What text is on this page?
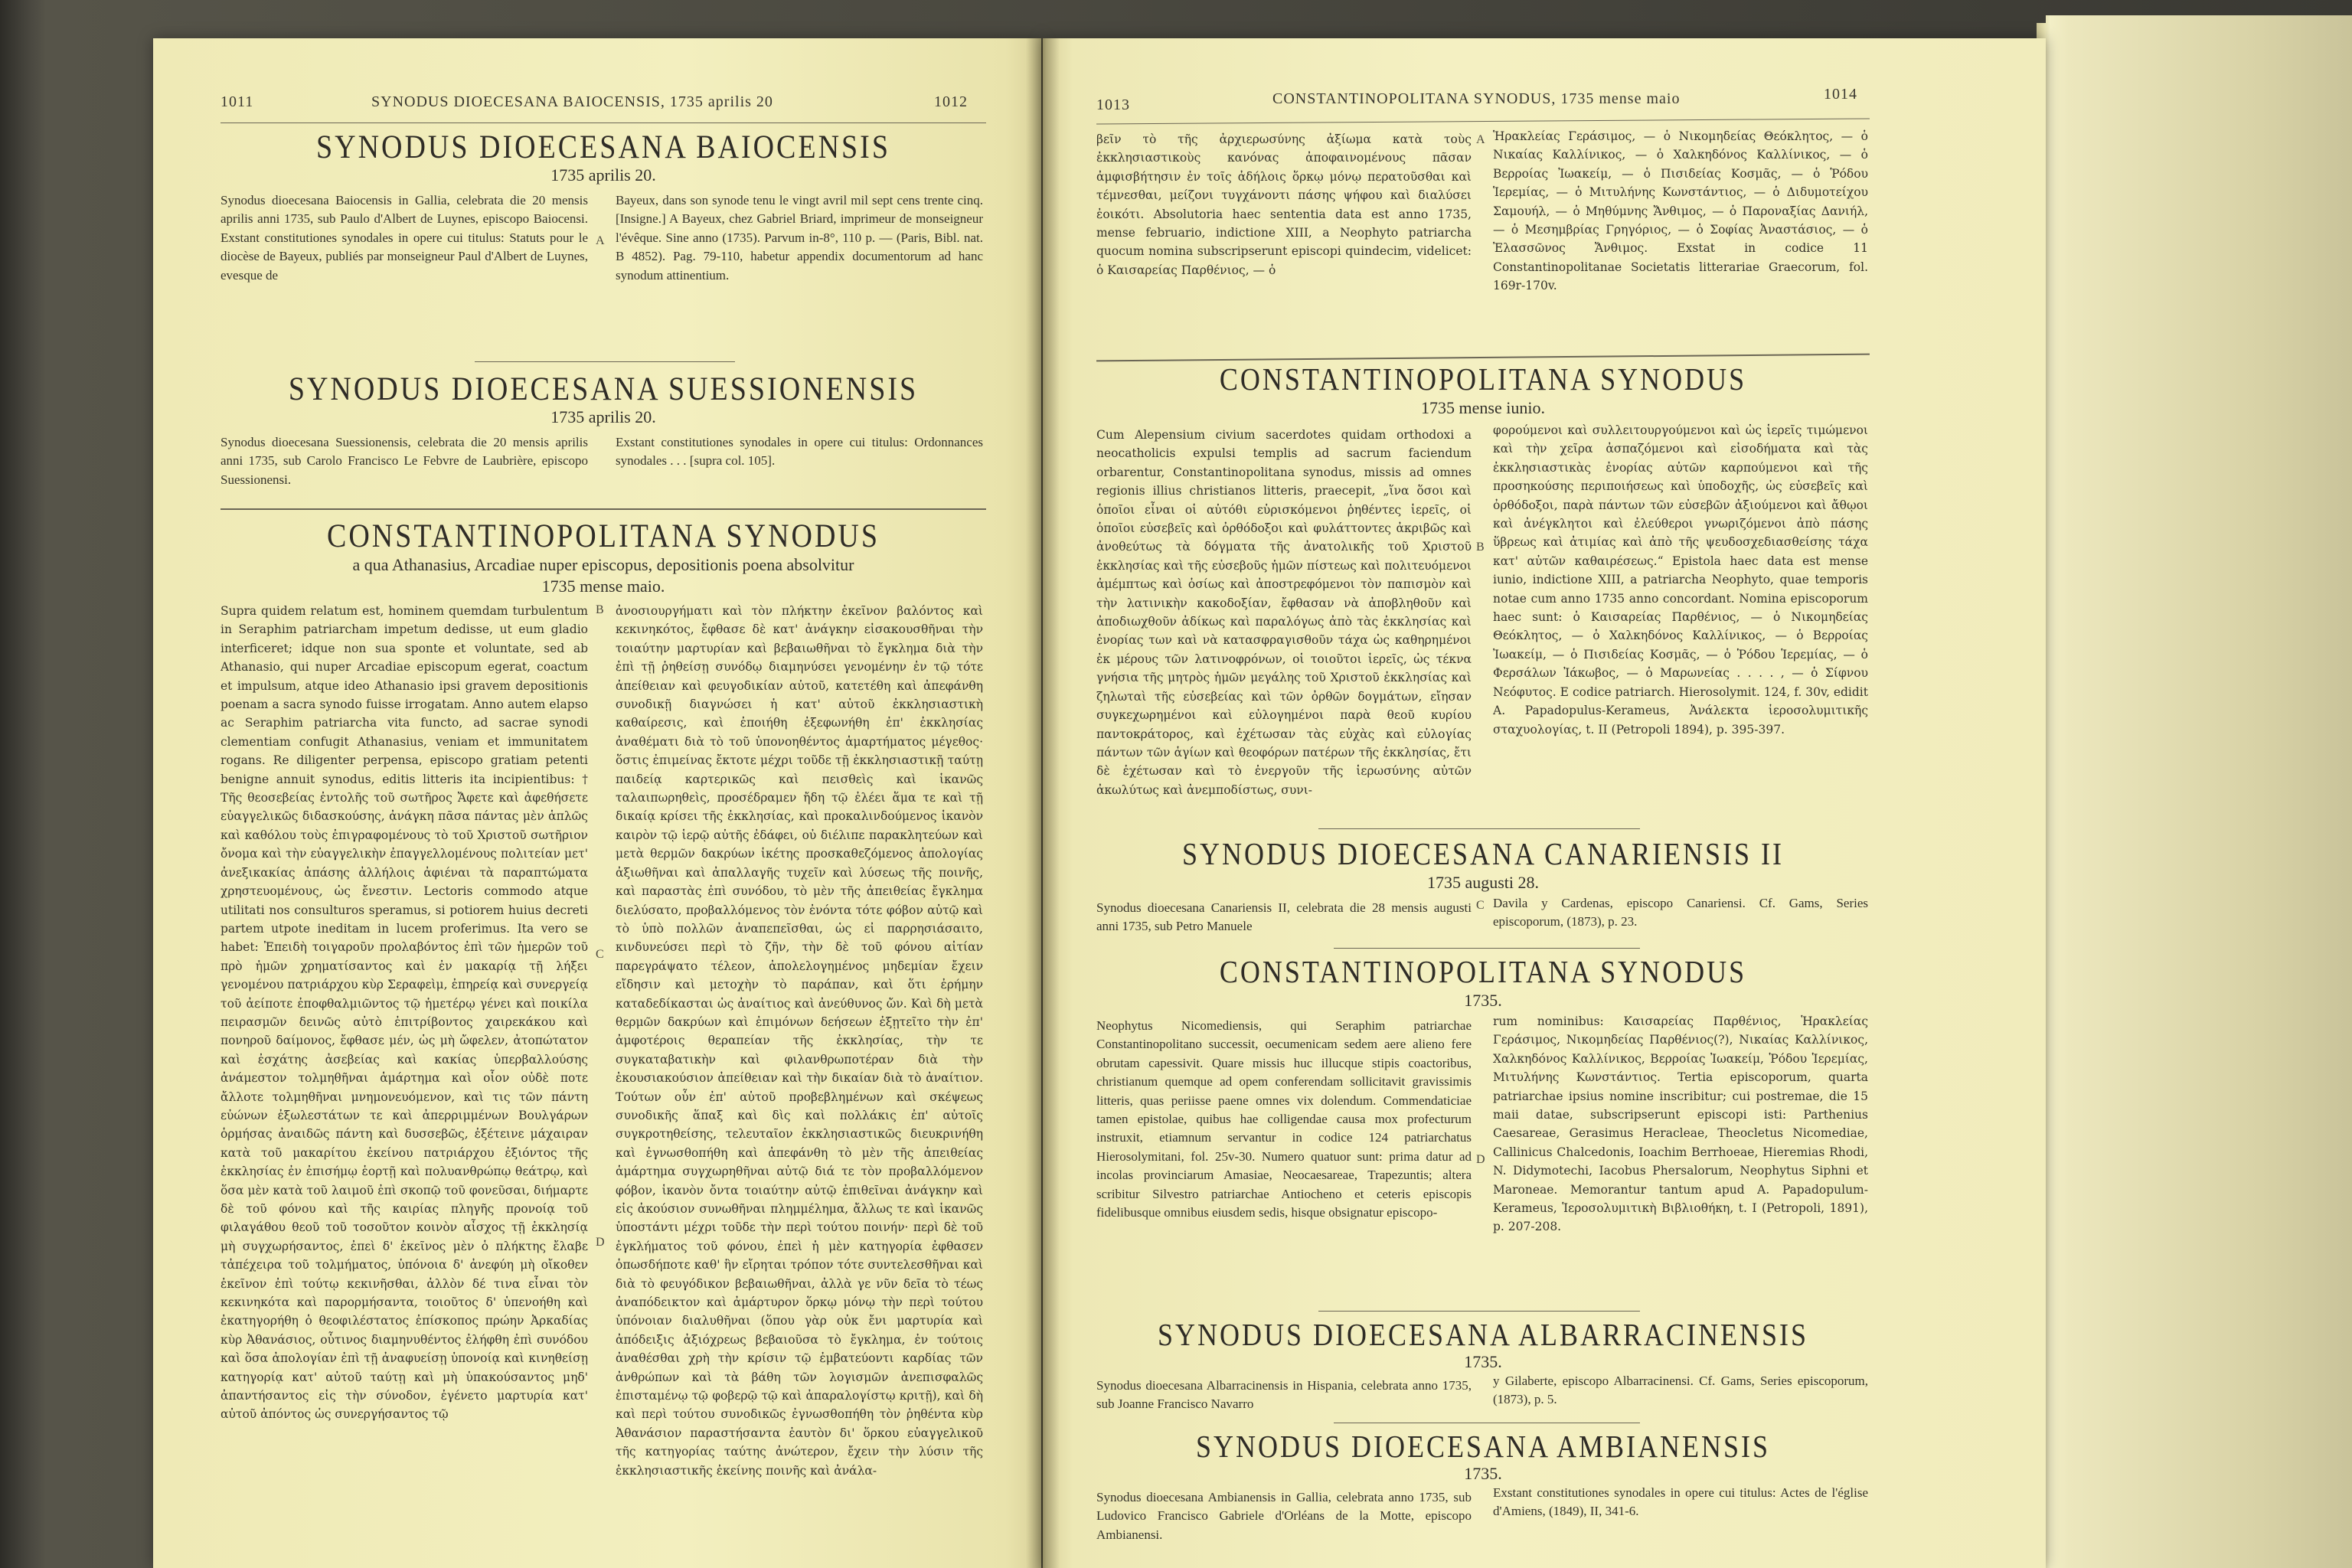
1011	SYNODUS DIOECESANA BAIOCENSIS, 1735 aprilis 20	1012
SYNODUS DIOECESANA BAIOCENSIS
1735 aprilis 20.
Synodus dioecesana Baiocensis in Gallia, celebrata die 20 mensis aprilis anni 1735, sub Paulo d'Albert de Luynes, episcopo Baiocensi. Exstant constitutiones synodales in opere cui titulus: Statuts pour le diocèse de Bayeux, publiés par monseigneur Paul d'Albert de Luynes, evesque de
Bayeux, dans son synode tenu le vingt avril mil sept cens trente cinq. [Insigne.] A Bayeux, chez Gabriel Briard, imprimeur de monseigneur l'évêque. Sine anno (1735). Parvum in-8°, 110 p. — (Paris, Bibl. nat. B 4852). Pag. 79-110, habetur appendix documentorum ad hanc synodum attinentium.
SYNODUS DIOECESANA SUESSIONENSIS
1735 aprilis 20.
Synodus dioecesana Suessionensis, celebrata die 20 mensis aprilis anni 1735, sub Carolo Francisco Le Febvre de Laubrière, episcopo Suessionensi.
Exstant constitutiones synodales in opere cui titulus: Ordonnances synodales . . . [supra col. 105].
CONSTANTINOPOLITANA SYNODUS
a qua Athanasius, Arcadiae nuper episcopus, depositionis poena absolvitur
1735 mense maio.
Supra quidem relatum est, hominem quemdam turbulentum in Seraphim patriarcham impetum dedisse, ut eum gladio interficeret; idque non sua sponte et voluntate, sed ab Athanasio, qui nuper Arcadiae episcopum egerat, coactum et impulsum, atque ideo Athanasio ipsi gravem depositionis poenam a sacra synodo fuisse irrogatam. Anno autem elapso ac Seraphim patriarcha vita functo, ad sacrae synodi clementiam confugit Athanasius, veniam et immunitatem rogans. Re diligenter perpensa, episcopo gratiam petenti benigne annuit synodus, editis litteris ita incipientibus: † Τῆς θεοσεβείας ἐντολῆς τοῦ σωτῆρος Ἄφετε καὶ ἀφεθήσετε εὐαγγελικῶς διδασκούσης, ἀνάγκη πᾶσα πάντας μὲν ἁπλῶς καὶ καθόλου τοὺς ἐπιγραφομένους τὸ τοῦ Χριστοῦ σωτῆριον ὄνομα καὶ τὴν εὐαγγελικὴν ἐπαγγελλομένους πολιτείαν μετ' ἀνεξικακίας ἀπάσης ἀλλήλοις ἀφιέναι τὰ παραπτώματα χρηστευομένους, ὡς ἔνεστιν. Lectoris commodo atque utilitati nos consulturos speramus, si potiorem huius decreti partem utpote ineditam in lucem proferimus. Ita vero se habet: Ἐπειδὴ τοιγαροῦν προλαβόντος ἐπὶ τῶν ἡμερῶν τοῦ πρὸ ἡμῶν χρηματίσαντος καὶ ἐν μακαρίᾳ τῇ λήξει γενομένου πατριάρχου κὺρ Σεραφεὶμ, ἐπηρείᾳ καὶ συνεργείᾳ τοῦ ἀείποτε ἐποφθαλμιῶντος τῷ ἡμετέρῳ γένει καὶ ποικίλα πειρασμῶν δεινῶς αὐτὸ ἐπιτρίβοντος χαιρεκάκου καὶ πονηροῦ δαίμονος, ἔφθασε μέν, ὡς μὴ ὤφελεν, ἀτοπώτατον καὶ ἐσχάτης ἀσεβείας καὶ κακίας ὑπερβαλλούσης ἀνάμεστον τολμηθῆναι ἁμάρτημα καὶ οἷον οὐδὲ ποτε ἄλλοτε τολμηθῆναι μνημονευόμενον, καὶ τις τῶν πάντη εὐώνων ἐξωλεστάτων τε καὶ ἀπερριμμένων Βουλγάρων ὁρμήσας ἀναιδῶς πάντη καὶ δυσσεβῶς, ἐξέτεινε μάχαιραν κατὰ τοῦ μακαρίτου ἐκείνου πατριάρχου ἐξιόντος τῆς ἐκκλησίας ἐν ἐπισήμῳ ἑορτῇ καὶ πολυανθρώπῳ θεάτρῳ, καὶ ὅσα μὲν κατὰ τοῦ λαιμοῦ ἐπὶ σκοπῷ τοῦ φονεῦσαι, διήμαρτε δὲ τοῦ φόνου καὶ τῆς καιρίας πληγῆς προνοίᾳ τοῦ φιλαγάθου θεοῦ τοῦ τοσοῦτον κοινὸν αἶσχος τῇ ἐκκλησίᾳ μὴ συγχωρήσαντος, ἐπεὶ δ' ἐκεῖνος μὲν ὁ πλήκτης ἔλαβε τἀπέχειρα τοῦ τολμήματος, ὑπόνοια δ' ἀνεφύη μὴ οἴκοθεν ἐκεῖνον ἐπὶ τούτῳ κεκινῆσθαι, ἀλλὸν δέ τινα εἶναι τὸν κεκινηκότα καὶ παρορμήσαντα, τοιοῦτος δ' ὑπενοήθη καὶ ἐκατηγορήθη ὁ θεοφιλέστατος ἐπίσκοπος πρώην Ἀρκαδίας κὺρ Ἀθανάσιος, οὗτινος διαμηνυθέντος ἐλήφθη ἐπὶ συνόδου καὶ ὅσα ἀπολογίαν ἐπὶ τῇ ἀναφυείσῃ ὑπονοίᾳ καὶ κινηθείσῃ κατηγορίᾳ κατ' αὐτοῦ ταύτῃ καὶ μὴ ὑπακούσαντος μηδ' ἀπαντήσαντος εἰς τὴν σύνοδον, ἐγένετο μαρτυρία κατ' αὐτοῦ ἀπόντος ὡς συνεργήσαντος τῷ
ἀνοσιουργήματι καὶ τὸν πλήκτην ἐκεῖνον βαλόντος καὶ κεκινηκότος, ἔφθασε δὲ κατ' ἀνάγκην εἰσακουσθῆναι τὴν τοιαύτην μαρτυρίαν καὶ βεβαιωθῆναι τὸ ἔγκλημα διὰ τὴν ἐπὶ τῇ ῥηθείσῃ συνόδῳ διαμηνύσει γενομένην ἐν τῷ τότε ἀπείθειαν καὶ φευγοδικίαν αὐτοῦ, κατετέθη καὶ ἀπεφάνθη συνοδικῇ διαγνώσει ἡ κατ' αὐτοῦ ἐκκλησιαστικὴ καθαίρεσις, καὶ ἐποιήθη ἐξεφωνήθη ἐπ' ἐκκλησίας ἀναθέματι διὰ τὸ τοῦ ὑπονοηθέντος ἁμαρτήματος μέγεθος· ὅστις ἐπιμείνας ἔκτοτε μέχρι τοῦδε τῇ ἐκκλησιαστικῇ ταύτῃ παιδείᾳ καρτερικῶς καὶ πεισθεὶς καὶ ἱκανῶς ταλαιπωρηθεὶς, προσέδραμεν ἤδη τῷ ἐλέει ἅμα τε καὶ τῇ δικαίᾳ κρίσει τῆς ἐκκλησίας, καὶ προκαλινδούμενος ἱκανὸν καιρὸν τῷ ἱερῷ αὐτῆς ἐδάφει, οὐ διέλιπε παρακλητεύων καὶ μετὰ θερμῶν δακρύων ἱκέτης προσκαθεζόμενος ἀπολογίας ἀξιωθῆναι καὶ ἀπαλλαγῆς τυχεῖν καὶ λύσεως τῆς ποινῆς, καὶ παραστὰς ἐπὶ συνόδου, τὸ μὲν τῆς ἀπειθείας ἔγκλημα διελύσατο, προβαλλόμενος τὸν ἐνόντα τότε φόβον αὐτῷ καὶ τὸ ὑπὸ πολλῶν ἀναπεπεῖσθαι, ὡς εἰ παρρησιάσαιτο, κινδυνεύσει περὶ τὸ ζῆν, τὴν δὲ τοῦ φόνου αἰτίαν παρεγράψατο τέλεον, ἀπολελογημένος μηδεμίαν ἔχειν εἴδησιν καὶ μετοχὴν τὸ παράπαν, καὶ ὅτι ἐρήμην καταδεδίκασται ὡς ἀναίτιος καὶ ἀνεύθυνος ὤν. Καὶ δὴ μετὰ θερμῶν δακρύων καὶ ἐπιμόνων δεήσεων ἐξῃτεῖτο τὴν ἐπ' ἀμφοτέροις θεραπείαν τῆς ἐκκλησίας, τὴν τε συγκαταβατικὴν καὶ φιλανθρωποτέραν διὰ τὴν ἑκουσιακούσιον ἀπείθειαν καὶ τὴν δικαίαν διὰ τὸ ἀναίτιον. Τούτων οὖν ἐπ' αὐτοῦ προβεβλημένων καὶ σκέψεως συνοδικῆς ἅπαξ καὶ δὶς καὶ πολλάκις ἐπ' αὐτοῖς συγκροτηθείσης, τελευταῖον ἐκκλησιαστικῶς διευκρινήθη καὶ ἐγνωσθοπήθη καὶ ἀπεφάνθη τὸ μὲν τῆς ἀπειθείας ἁμάρτημα συγχωρηθῆναι αὐτῷ διά τε τὸν προβαλλόμενον φόβον, ἱκανὸν ὄντα τοιαύτην αὐτῷ ἐπιθεῖναι ἀνάγκην καὶ εἰς ἀκούσιον συνωθῆναι πλημμέλημα, ἄλλως τε καὶ ἱκανῶς ὑποστάντι μέχρι τοῦδε τὴν περὶ τούτου ποινήν· περὶ δὲ τοῦ ἐγκλήματος τοῦ φόνου, ἐπεὶ ἡ μὲν κατηγορία ἐφθασεν ὁπωσδήποτε καθ' ἣν εἴρηται τρόπον τότε συντελεσθῆναι καὶ διὰ τὸ φευγόδικον βεβαιωθῆναι, ἀλλὰ γε νῦν δεῖα τὸ τέως ἀναπόδεικτον καὶ ἀμάρτυρον ὅρκῳ μόνῳ τὴν περὶ τούτου ὑπόνοιαν διαλυθῆναι (ὅπου γὰρ οὐκ ἔνι μαρτυρία καὶ ἀπόδειξις ἀξιόχρεως βεβαιοῦσα τὸ ἔγκλημα, ἐν τούτοις ἀναθέσθαι χρὴ τὴν κρίσιν τῷ ἐμβατεύοντι καρδίας τῶν ἀνθρώπων καὶ τὰ βάθη τῶν λογισμῶν ἀνεπισφαλῶς ἐπισταμένῳ τῷ φοβερῷ τῷ καὶ ἀπαραλογίστῳ κριτῇ), καὶ δὴ καὶ περὶ τούτου συνοδικῶς ἐγνωσθοπήθη τὸν ῥηθέντα κὺρ Ἀθανάσιον παραστήσαντα ἑαυτὸν δι' ὅρκου εὐαγγελικοῦ τῆς κατηγορίας ταύτης ἀνώτερον, ἔχειν τὴν λύσιν τῆς ἐκκλησιαστικῆς ἐκείνης ποινῆς καὶ ἀνάλα-
A
B
C
D
1013	CONSTANTINOPOLITANA SYNODUS, 1735 mense maio	1014
βεῖν τὸ τῆς ἀρχιερωσύνης ἀξίωμα κατὰ τοὺς ἐκκλησιαστικοὺς κανόνας ἀποφαινομένους πᾶσαν ἀμφισβήτησιν ἐν τοῖς ἀδήλοις ὅρκῳ μόνῳ περατοῦσθαι καὶ τέμνεσθαι, μείζονι τυγχάνοντι πάσης ψήφου καὶ διαλύσει ἐοικότι. Absolutoria haec sententia data est anno 1735, mense februario, indictione XIII, a Neophyto patriarcha quocum nomina subscripserunt episcopi quindecim, videlicet: ὁ Καισαρείας Παρθένιος, — ὁ
Ἡρακλείας Γεράσιμος, — ὁ Νικομηδείας Θεόκλητος, — ὁ Νικαίας Καλλίνικος, — ὁ Χαλκηδόνος Καλλίνικος, — ὁ Βερροίας Ἰωακείμ, — ὁ Πισιδείας Κοσμᾶς, — ὁ Ῥόδου Ἱερεμίας, — ὁ Μιτυλήνης Κωνστάντιος, — ὁ Διδυμοτείχου Σαμουήλ, — ὁ Μηθύμνης Ἄνθιμος, — ὁ Παροναξίας Δανιήλ, — ὁ Μεσημβρίας Γρηγόριος, — ὁ Σοφίας Ἀναστάσιος, — ὁ Ἐλασσῶνος Ἄνθιμος. Exstat in codice 11 Constantinopolitanae Societatis litterariae Graecorum, fol. 169r-170v.
CONSTANTINOPOLITANA SYNODUS
1735 mense iunio.
Cum Alepensium civium sacerdotes quidam orthodoxi a neocatholicis expulsi templis ad sacrum faciendum orbarentur, Constantinopolitana synodus, missis ad omnes regionis illius christianos litteris, praecepit, „ἵνα ὅσοι καὶ ὁποῖοι εἶναι οἱ αὐτόθι εὑρισκόμενοι ῥηθέντες ἱερεῖς, οἱ ὁποῖοι εὐσεβεῖς καὶ ὀρθόδοξοι καὶ φυλάττοντες ἀκριβῶς καὶ ἀνοθεύτως τὰ δόγματα τῆς ἀνατολικῆς τοῦ Χριστοῦ ἐκκλησίας καὶ τῆς εὐσεβοῦς ἡμῶν πίστεως καὶ πολιτευόμενοι ἀμέμπτως καὶ ὁσίως καὶ ἀποστρεφόμενοι τὸν παπισμὸν καὶ τὴν λατινικὴν κακοδοξίαν, ἔφθασαν νὰ ἀποβληθοῦν καὶ ἀποδιωχθοῦν ἀδίκως καὶ παραλόγως ἀπὸ τὰς ἐκκλησίας καὶ ἐνορίας των καὶ νὰ κατασφραγισθοῦν τάχα ὡς καθηρημένοι ἐκ μέρους τῶν λατινοφρόνων, οἱ τοιοῦτοι ἱερεῖς, ὡς τέκνα γνήσια τῆς μητρὸς ἡμῶν μεγάλης τοῦ Χριστοῦ ἐκκλησίας καὶ ζηλωταὶ τῆς εὐσεβείας καὶ τῶν ὀρθῶν δογμάτων, εἴησαν συγκεχωρημένοι καὶ εὐλογημένοι παρὰ θεοῦ κυρίου παντοκράτορος, καὶ ἐχέτωσαν τὰς εὐχὰς καὶ εὐλογίας πάντων τῶν ἁγίων καὶ θεοφόρων πατέρων τῆς ἐκκλησίας, ἔτι δὲ ἐχέτωσαν καὶ τὸ ἐνεργοῦν τῆς ἱερωσύνης αὐτῶν ἀκωλύτως καὶ ἀνεμποδίστως, συνι-
φορούμενοι καὶ συλλειτουργούμενοι καὶ ὡς ἱερεῖς τιμώμενοι καὶ τὴν χεῖρα ἀσπαζόμενοι καὶ εἰσοδήματα καὶ τὰς ἐκκλησιαστικὰς ἐνορίας αὐτῶν καρπούμενοι καὶ τῆς προσηκούσης περιποιήσεως καὶ ὑποδοχῆς, ὡς εὐσεβεῖς καὶ ὀρθόδοξοι, παρὰ πάντων τῶν εὐσεβῶν ἀξιούμενοι καὶ ἄθῳοι καὶ ἀνέγκλητοι καὶ ἐλεύθεροι γνωριζόμενοι ἀπὸ πάσης ὕβρεως καὶ ἀτιμίας καὶ ἀπὸ τῆς ψευδοσχεδιασθείσης τάχα κατ' αὐτῶν καθαιρέσεως.“ Epistola haec data est mense iunio, indictione XIII, a patriarcha Neophyto, quae temporis notae cum anno 1735 anno concordant. Nomina episcoporum haec sunt: ὁ Καισαρείας Παρθένιος, — ὁ Νικομηδείας Θεόκλητος, — ὁ Χαλκηδόνος Καλλίνικος, — ὁ Βερροίας Ἰωακείμ, — ὁ Πισιδείας Κοσμᾶς, — ὁ Ῥόδου Ἱερεμίας, — ὁ Φερσάλων Ἰάκωβος, — ὁ Μαρωνείας . . . . , — ὁ Σίφνου Νεόφυτος. E codice patriarch. Hierosolymit. 124, f. 30v, edidit A. Papadopulus-Kerameus, Ἀνάλεκτα ἱεροσολυμιτικῆς σταχυολογίας, t. II (Petropoli 1894), p. 395-397.
SYNODUS DIOECESANA CANARIENSIS II
1735 augusti 28.
Synodus dioecesana Canariensis II, celebrata die 28 mensis augusti anni 1735, sub Petro Manuele
Davila y Cardenas, episcopo Canariensi. Cf. Gams, Series episcoporum, (1873), p. 23.
CONSTANTINOPOLITANA SYNODUS
1735.
Neophytus Nicomediensis, qui Seraphim patriarchae Constantinopolitano successit, oecumenicam sedem aere alieno fere obrutam capessivit. Quare missis huc illucque stipis coactoribus, christianum quemque ad opem conferendam sollicitavit gravissimis litteris, quas periisse paene omnes vix dolendum. Commendaticiae tamen epistolae, quibus hae colligendae causa mox profecturum instruxit, etiamnum servantur in codice 124 patriarchatus Hierosolymitani, fol. 25v-30. Numero quatuor sunt: prima datur ad incolas provinciarum Amasiae, Neocaesareae, Trapezuntis; altera scribitur Silvestro patriarchae Antiocheno et ceteris episcopis fidelibusque omnibus eiusdem sedis, hisque obsignatur episcopo-
rum nominibus: Καισαρείας Παρθένιος, Ἡρακλείας Γεράσιμος, Νικομηδείας Παρθένιος(?), Νικαίας Καλλίνικος, Χαλκηδόνος Καλλίνικος, Βερροίας Ἰωακείμ, Ῥόδου Ἱερεμίας, Μιτυλήνης Κωνστάντιος. Tertia episcoporum, quarta patriarchae ipsius nomine inscribitur; cui postremae, die 15 maii datae, subscripserunt episcopi isti: Parthenius Caesareae, Gerasimus Heracleae, Theocletus Nicomediae, Callinicus Chalcedonis, Ioachim Berrhoeae, Hieremias Rhodi, N. Didymotechi, Iacobus Phersalorum, Neophytus Siphni et Maroneae. Memorantur tantum apud A. Papadopulum-Kerameus, Ἱεροσολυμιτικὴ Βιβλιοθήκη, t. I (Petropoli, 1891), p. 207-208.
SYNODUS DIOECESANA ALBARRACINENSIS
1735.
Synodus dioecesana Albarracinensis in Hispania, celebrata anno 1735, sub Joanne Francisco Navarro
y Gilaberte, episcopo Albarracinensi. Cf. Gams, Series episcoporum, (1873), p. 5.
SYNODUS DIOECESANA AMBIANENSIS
1735.
Synodus dioecesana Ambianensis in Gallia, celebrata anno 1735, sub Ludovico Francisco Gabriele d'Orléans de la Motte, episcopo Ambianensi.
Exstant constitutiones synodales in opere cui titulus: Actes de l'église d'Amiens, (1849), II, 341-6.
A
B
C
D
